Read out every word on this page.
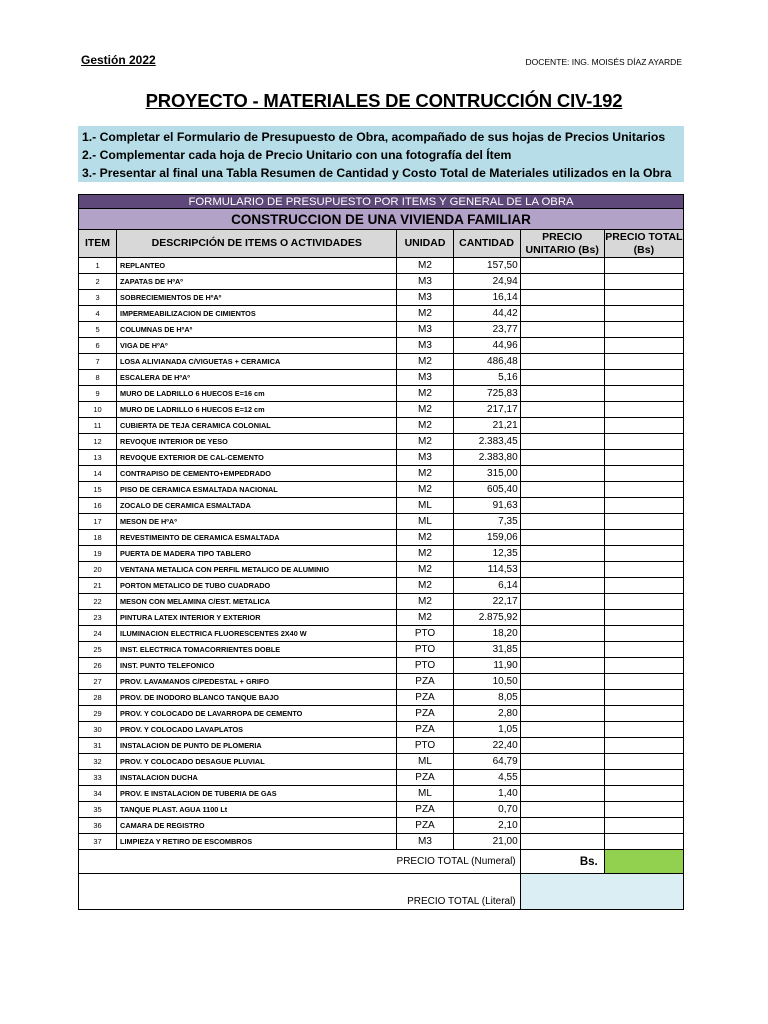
Gestión 2022	DOCENTE: ING. MOISÉS DÍAZ AYARDE
PROYECTO - MATERIALES DE CONTRUCCIÓN CIV-192
1.- Completar el Formulario de Presupuesto de Obra, acompañado de sus hojas de Precios Unitarios
2.- Complementar cada hoja de Precio Unitario con una fotografía del Ítem
3.- Presentar al final una Tabla Resumen de Cantidad y Costo Total de Materiales utilizados en la Obra
FORMULARIO DE PRESUPUESTO POR ITEMS Y GENERAL DE LA OBRA					
CONSTRUCCION DE UNA VIVIENDA FAMILIAR					
ITEM	DESCRIPCIÓN DE ITEMS O ACTIVIDADES	UNIDAD	CANTIDAD	PRECIO UNITARIO (Bs)	PRECIO TOTAL (Bs)
1	REPLANTEO	M2	157,50		
2	ZAPATAS DE HºAº	M3	24,94		
3	SOBRECIEMIENTOS DE HºAº	M3	16,14		
4	IMPERMEABILIZACION DE CIMIENTOS	M2	44,42		
5	COLUMNAS DE HºAº	M3	23,77		
6	VIGA DE HºAº	M3	44,96		
7	LOSA ALIVIANADA C/VIGUETAS + CERAMICA	M2	486,48		
8	ESCALERA DE HºAº	M3	5,16		
9	MURO DE LADRILLO 6 HUECOS E=16 cm	M2	725,83		
10	MURO DE LADRILLO 6 HUECOS E=12 cm	M2	217,17		
11	CUBIERTA DE TEJA CERAMICA COLONIAL	M2	21,21		
12	REVOQUE INTERIOR DE YESO	M2	2.383,45		
13	REVOQUE EXTERIOR DE CAL-CEMENTO	M3	2.383,80		
14	CONTRAPISO DE CEMENTO+EMPEDRADO	M2	315,00		
15	PISO DE CERAMICA ESMALTADA NACIONAL	M2	605,40		
16	ZOCALO DE CERAMICA ESMALTADA	ML	91,63		
17	MESON DE HºAº	ML	7,35		
18	REVESTIMEINTO DE CERAMICA ESMALTADA	M2	159,06		
19	PUERTA DE MADERA TIPO TABLERO	M2	12,35		
20	VENTANA METALICA CON PERFIL METALICO DE ALUMINIO	M2	114,53		
21	PORTON METALICO DE TUBO CUADRADO	M2	6,14		
22	MESON CON MELAMINA C/EST. METALICA	M2	22,17		
23	PINTURA LATEX INTERIOR Y EXTERIOR	M2	2.875,92		
24	ILUMINACION ELECTRICA FLUORESCENTES 2X40 W	PTO	18,20		
25	INST. ELECTRICA TOMACORRIENTES DOBLE	PTO	31,85		
26	INST. PUNTO TELEFONICO	PTO	11,90		
27	PROV. LAVAMANOS C/PEDESTAL + GRIFO	PZA	10,50		
28	PROV. DE INODORO BLANCO TANQUE BAJO	PZA	8,05		
29	PROV. Y COLOCADO DE LAVARROPA DE CEMENTO	PZA	2,80		
30	PROV. Y COLOCADO LAVAPLATOS	PZA	1,05		
31	INSTALACION DE PUNTO DE PLOMERIA	PTO	22,40		
32	PROV. Y COLOCADO DESAGUE PLUVIAL	ML	64,79		
33	INSTALACION DUCHA	PZA	4,55		
34	PROV. E INSTALACION DE TUBERIA DE GAS	ML	1,40		
35	TANQUE PLAST. AGUA 1100 Lt	PZA	0,70		
36	CAMARA DE REGISTRO	PZA	2,10		
37	LIMPIEZA Y RETIRO DE ESCOMBROS	M3	21,00		
PRECIO TOTAL (Numeral)				Bs.	
PRECIO TOTAL (Literal)					
